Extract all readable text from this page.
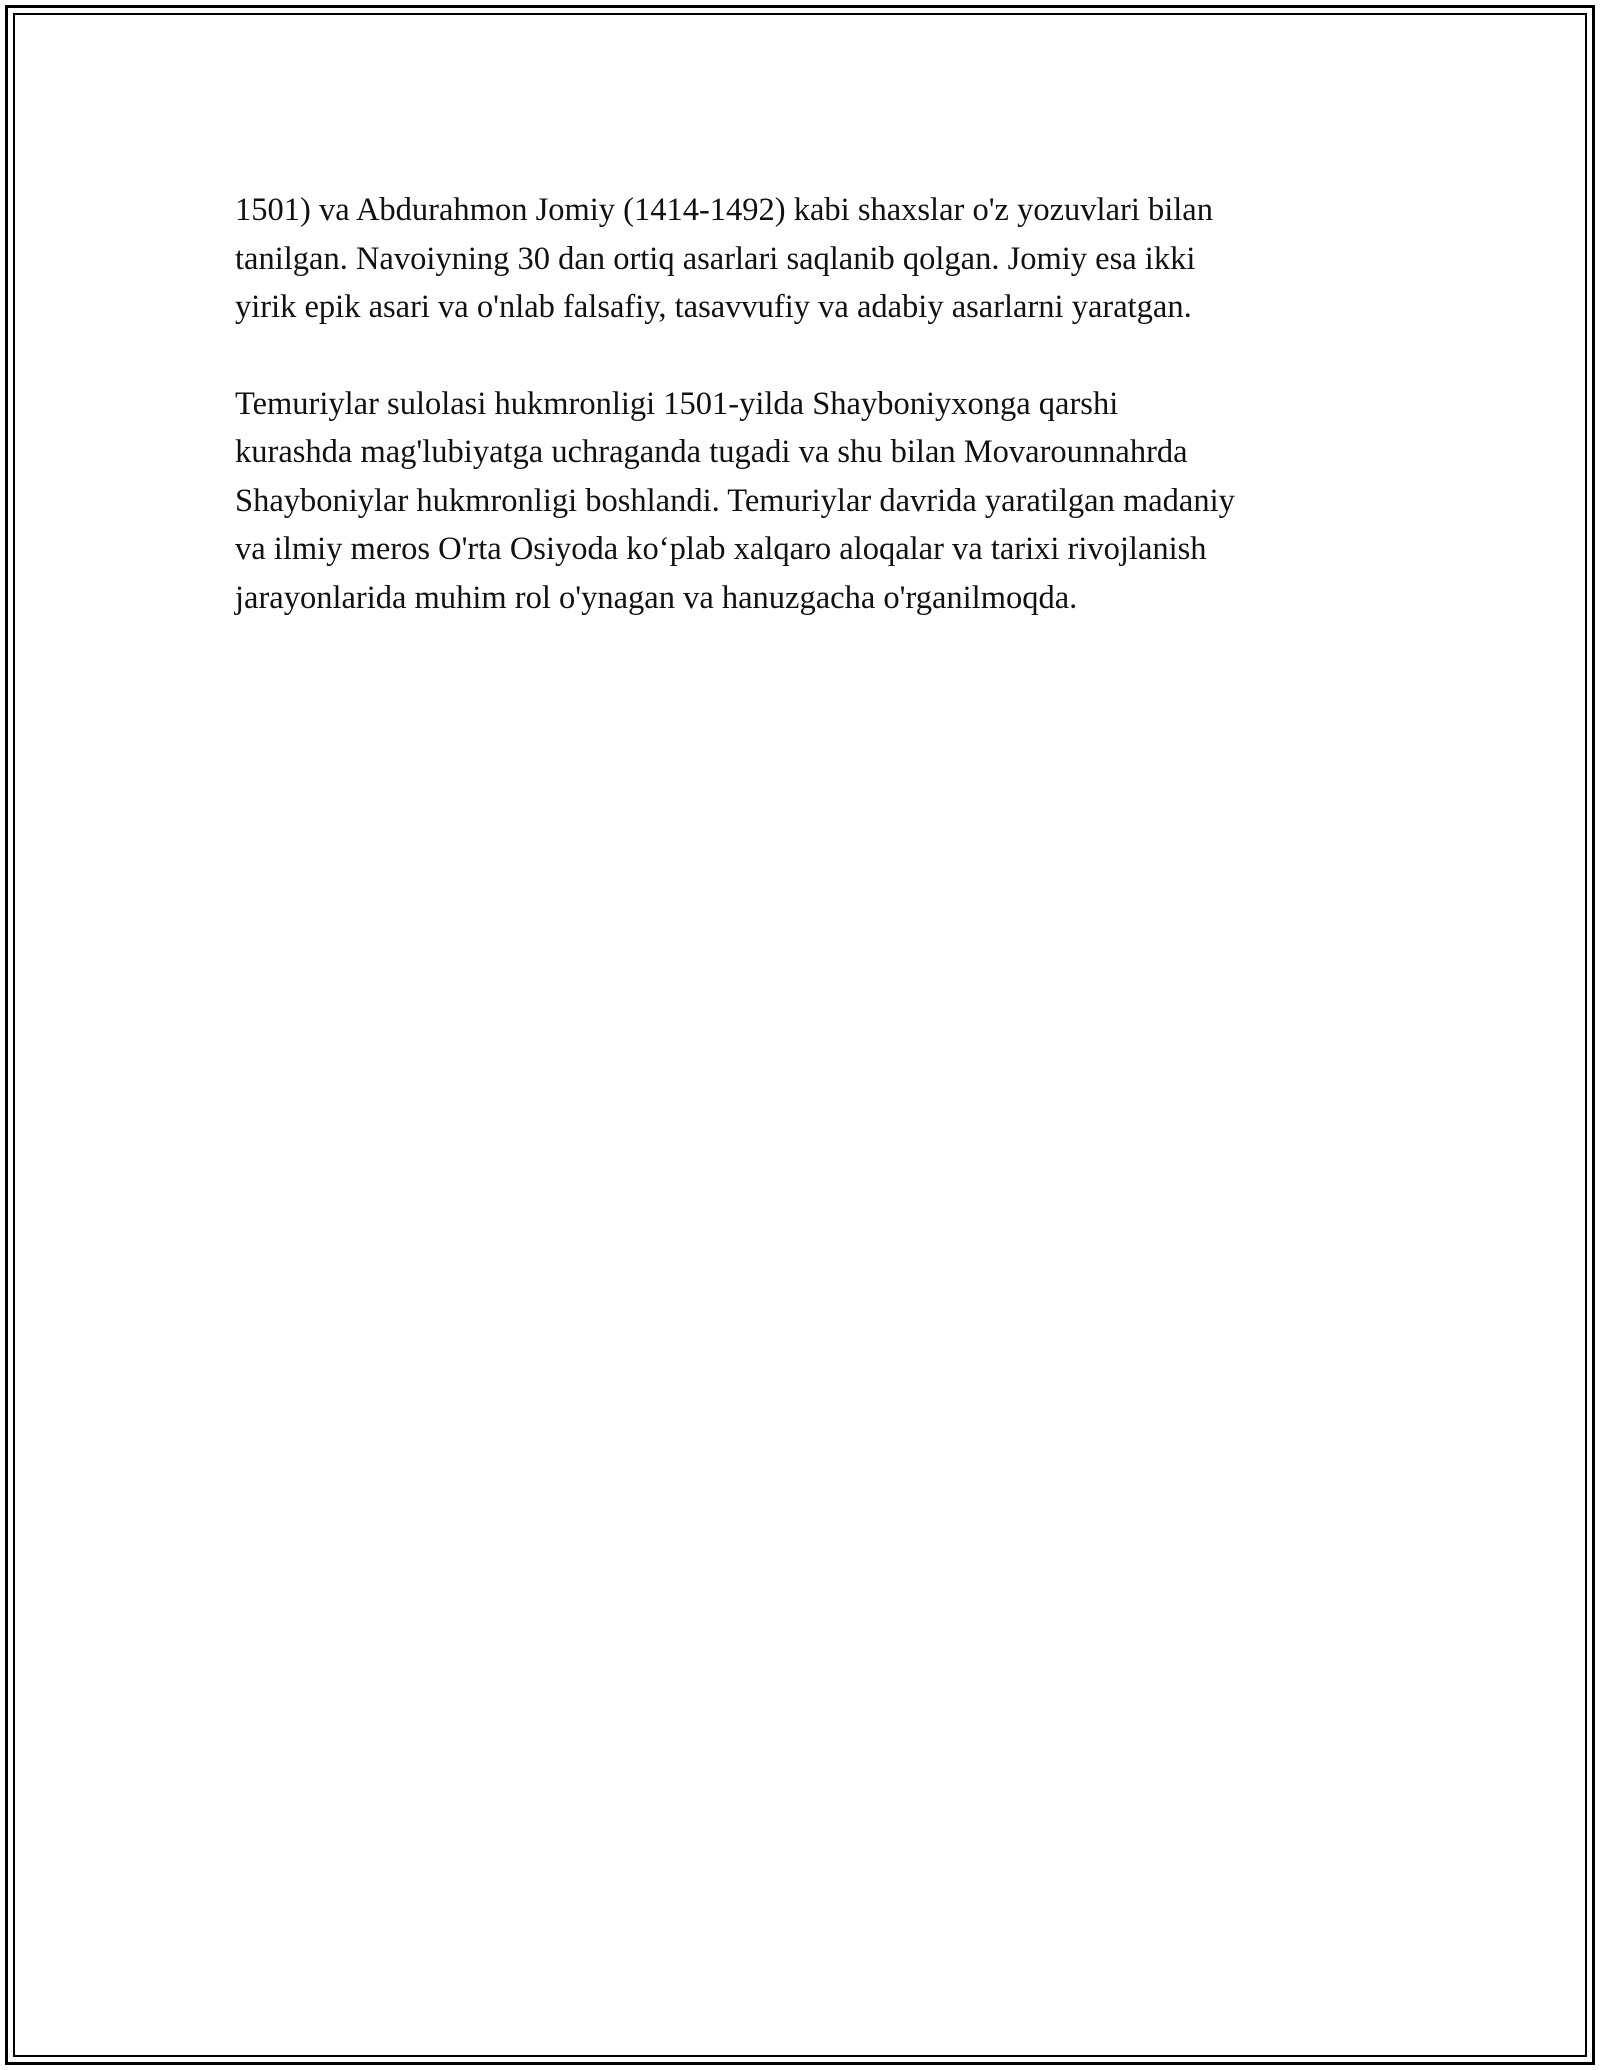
1501) va Abdurahmon Jomiy (1414-1492) kabi shaxslar o'z yozuvlari bilan
tanilgan. Navoiyning 30 dan ortiq asarlari saqlanib qolgan. Jomiy esa ikki
yirik epik asari va o'nlab falsafiy, tasavvufiy va adabiy asarlarni yaratgan.

Temuriylar sulolasi hukmronligi 1501-yilda Shayboniyxonga qarshi
kurashda mag'lubiyatga uchraganda tugadi va shu bilan Movarounnahrda
Shayboniylar hukmronligi boshlandi. Temuriylar davrida yaratilgan madaniy
va ilmiy meros O'rta Osiyoda ko‘plab xalqaro aloqalar va tarixi rivojlanish
jarayonlarida muhim rol o'ynagan va hanuzgacha o'rganilmoqda.
